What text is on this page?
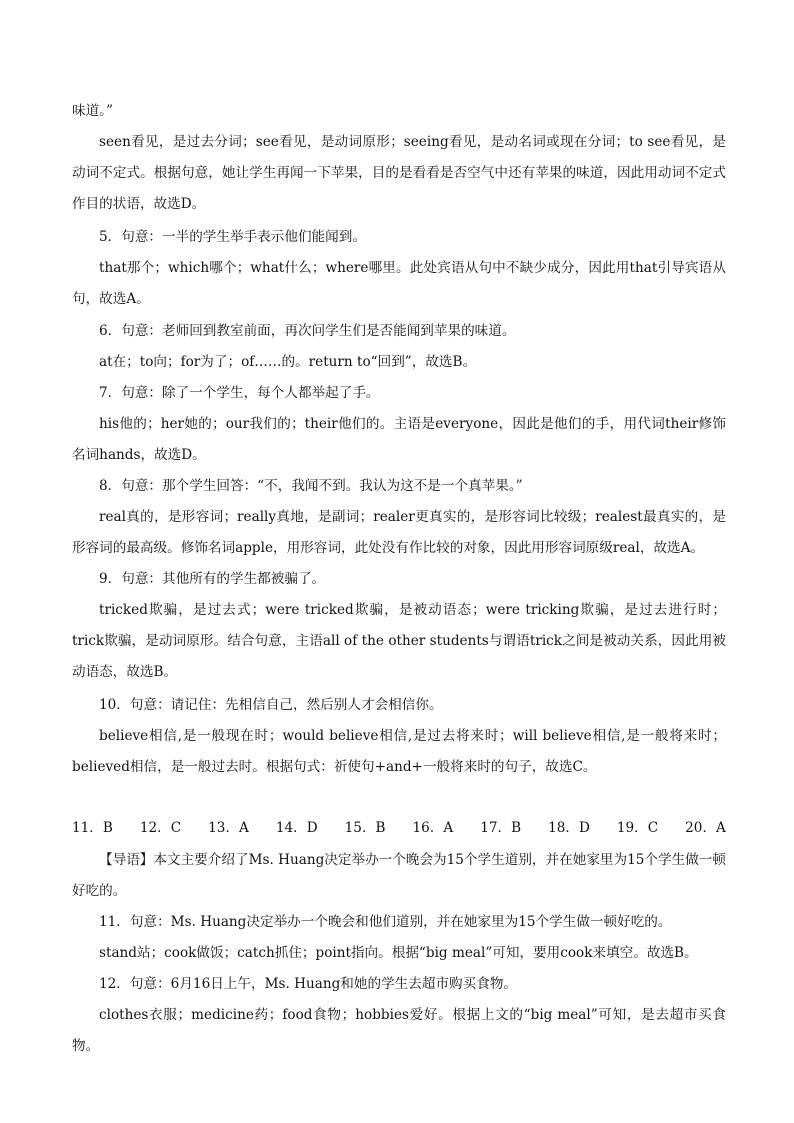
味道。”

seen看见，是过去分词；see看见，是动词原形；seeing看见，是动名词或现在分词；to see看见，是动词不定式。根据句意，她让学生再闻一下苹果，目的是看看是否空气中还有苹果的味道，因此用动词不定式作目的状语，故选D。

5．句意：一半的学生举手表示他们能闻到。

that那个；which哪个；what什么；where哪里。此处宾语从句中不缺少成分，因此用that引导宾语从句，故选A。

6．句意：老师回到教室前面，再次问学生们是否能闻到苹果的味道。

at在；to向；for为了；of……的。return to“回到”，故选B。

7．句意：除了一个学生，每个人都举起了手。

his他的；her她的；our我们的；their他们的。主语是everyone，因此是他们的手，用代词their修饰名词hands，故选D。

8．句意：那个学生回答：“不，我闻不到。我认为这不是一个真苹果。”

real真的，是形容词；really真地，是副词；realer更真实的，是形容词比较级；realest最真实的，是形容词的最高级。修饰名词apple，用形容词，此处没有作比较的对象，因此用形容词原级real，故选A。

9．句意：其他所有的学生都被骗了。

tricked欺骗，是过去式；were tricked欺骗，是被动语态；were tricking欺骗，是过去进行时；trick欺骗，是动词原形。结合句意，主语all of the other students与谓语trick之间是被动关系，因此用被动语态，故选B。

10．句意：请记住：先相信自己，然后别人才会相信你。

believe相信,是一般现在时；would believe相信,是过去将来时；will believe相信,是一般将来时；believed相信，是一般过去时。根据句式：祈使句+and+一般将来时的句子，故选C。

11．B 12．C 13．A 14．D 15．B 16．A 17．B 18．D 19．C 20．A

【导语】本文主要介绍了Ms. Huang决定举办一个晚会为15个学生道别，并在她家里为15个学生做一顿好吃的。

11．句意：Ms. Huang决定举办一个晚会和他们道别，并在她家里为15个学生做一顿好吃的。

stand站；cook做饭；catch抓住；point指向。根据“big meal”可知，要用cook来填空。故选B。

12．句意：6月16日上午，Ms. Huang和她的学生去超市购买食物。

clothes衣服；medicine药；food食物；hobbies爱好。根据上文的“big meal”可知，是去超市买食物。
